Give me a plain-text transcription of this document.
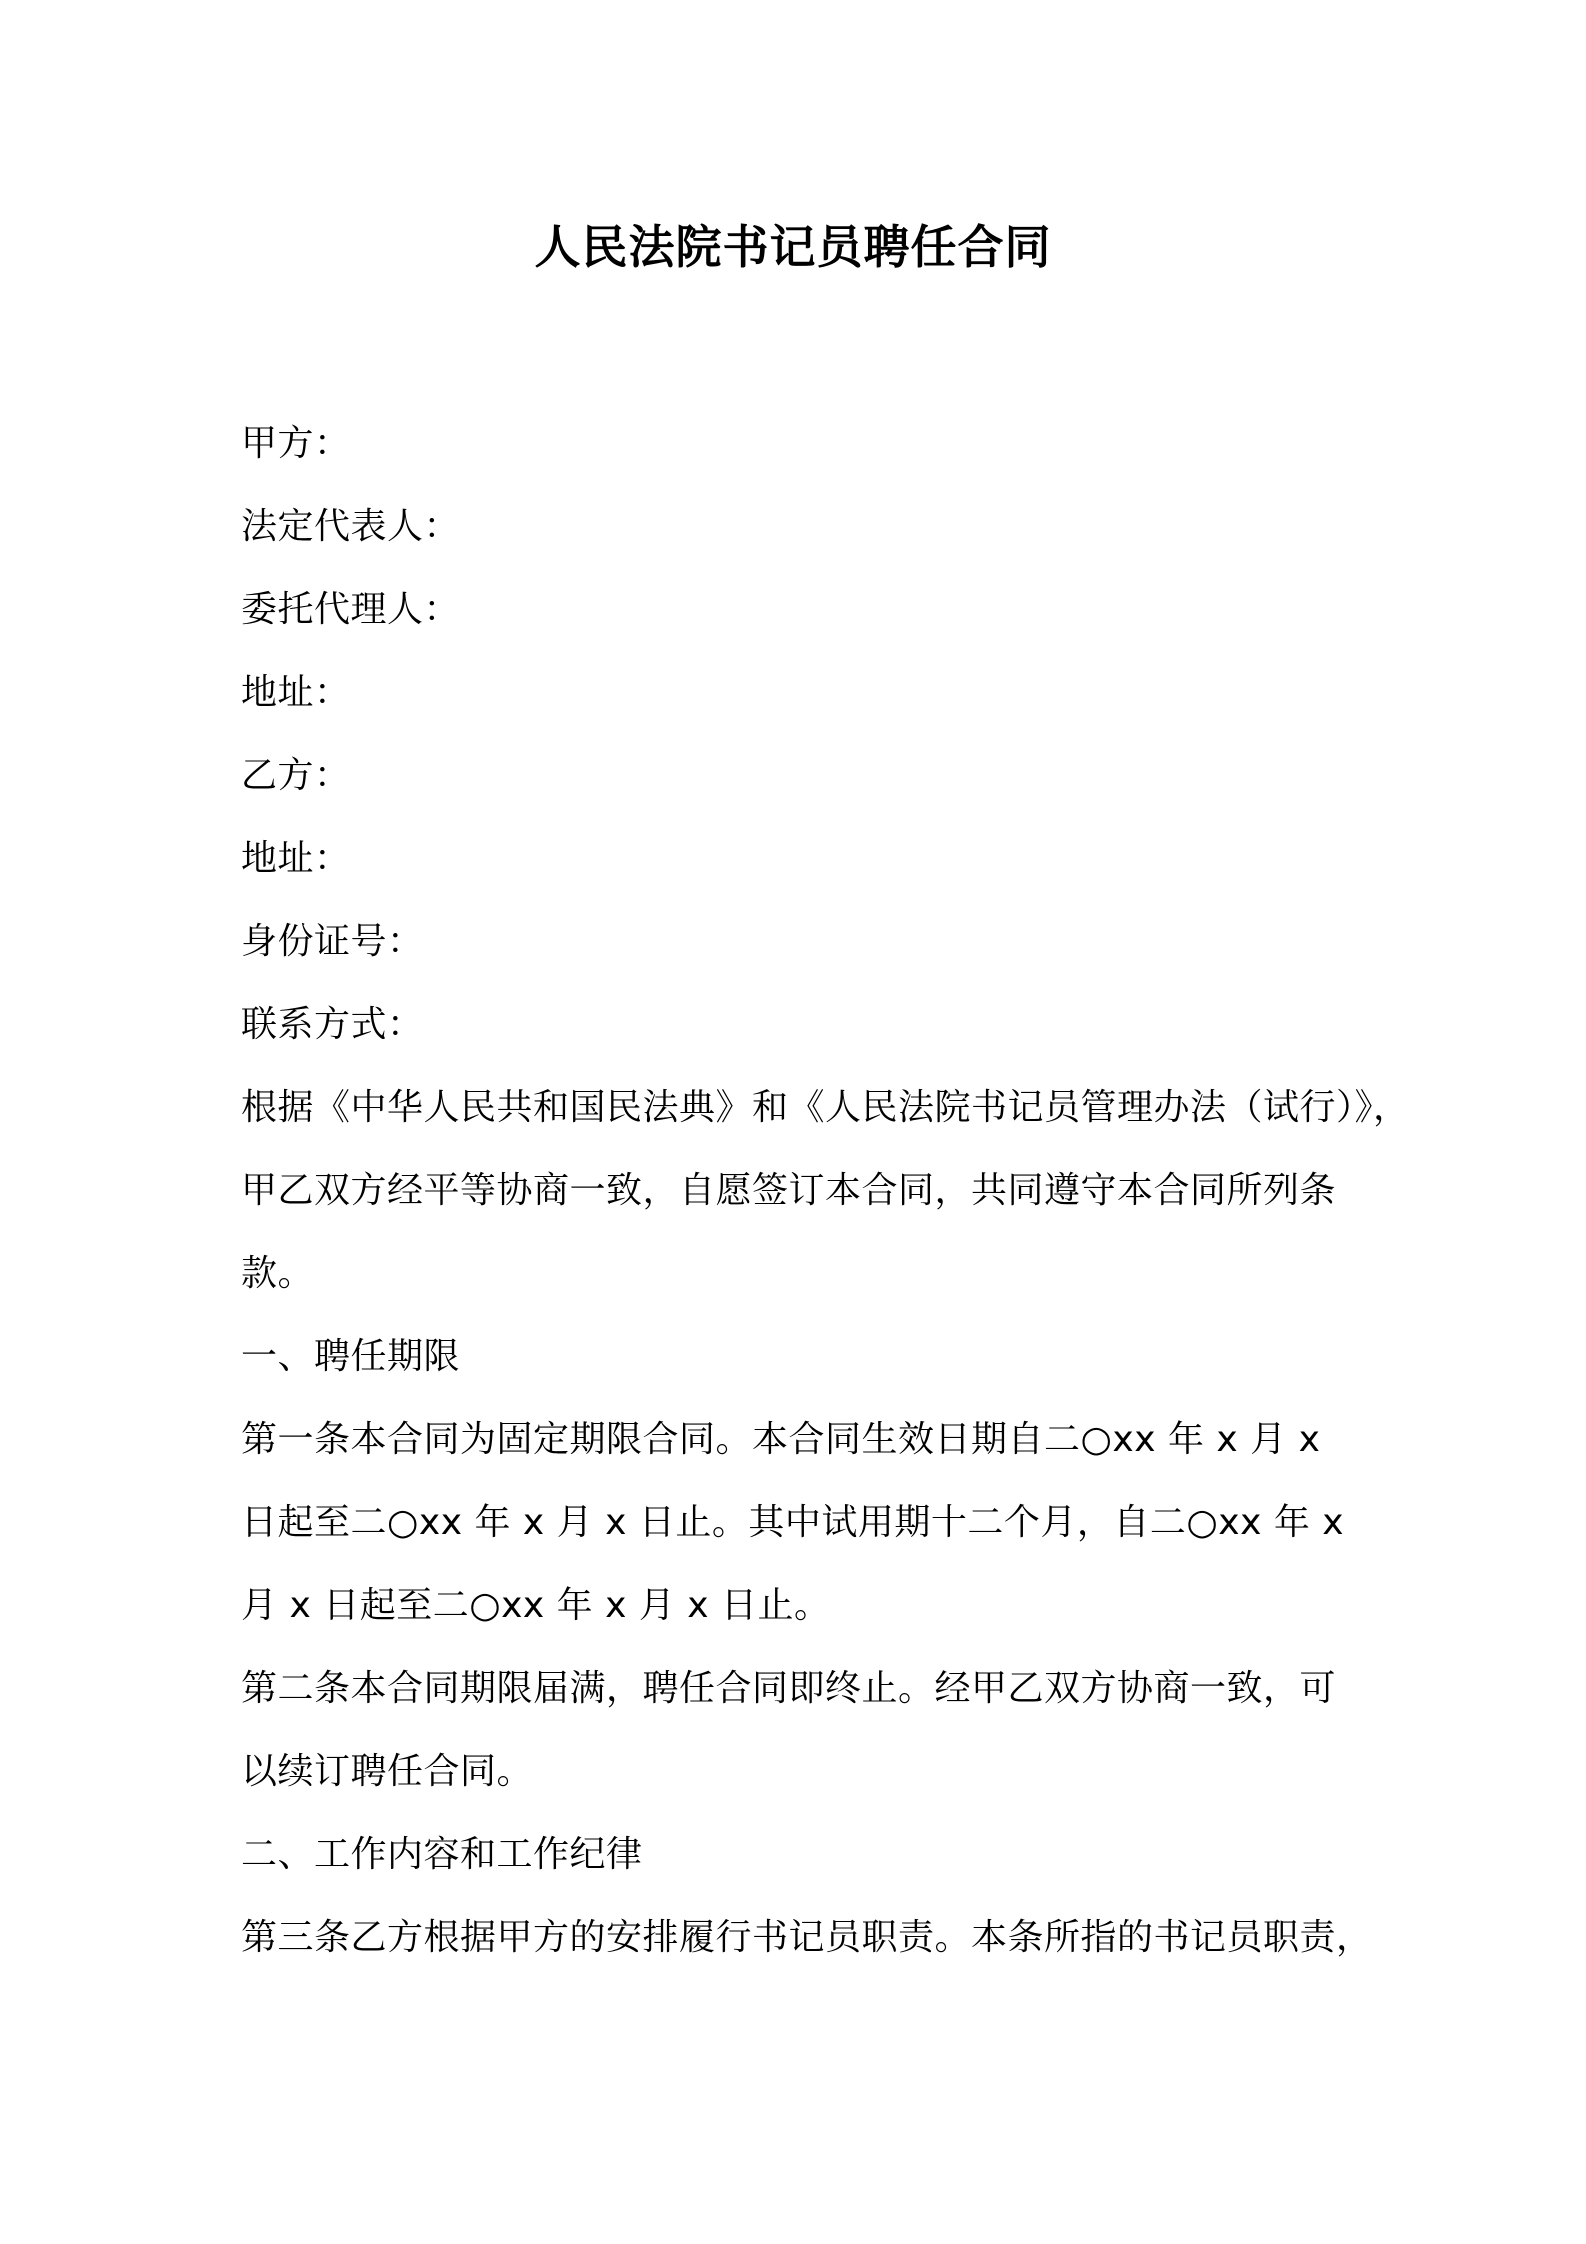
人民法院书记员聘任合同
甲方：
法定代表人：
委托代理人：
地址：
乙方：
地址：
身份证号：
联系方式：
根据《中华人民共和国民法典》和《人民法院书记员管理办法（试行）》，
甲乙双方经平等协商一致，自愿签订本合同，共同遵守本合同所列条
款。
一、聘任期限
第一条本合同为固定期限合同。本合同生效日期自二○xx 年 x 月 x
日起至二○xx 年 x 月 x 日止。其中试用期十二个月，自二○xx 年 x
月 x 日起至二○xx 年 x 月 x 日止。
第二条本合同期限届满，聘任合同即终止。经甲乙双方协商一致，可
以续订聘任合同。
二、工作内容和工作纪律
第三条乙方根据甲方的安排履行书记员职责。本条所指的书记员职责，
